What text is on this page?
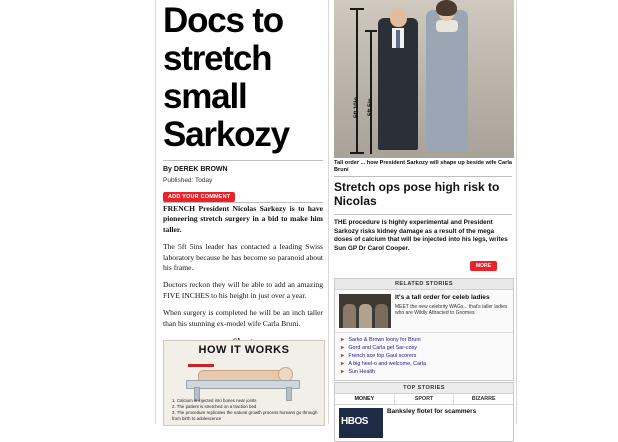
Docs to stretch small Sarkozy
By DEREK BROWN
Published: Today
ADD YOUR COMMENT

FRENCH President Nicolas Sarkozy is to have pioneering stretch surgery in a bid to make him taller.

The 5ft 5ins leader has contacted a leading Swiss laboratory because he has become so paranoid about his frame.

Doctors reckon they will be able to add an amazing FIVE INCHES to his height in just over a year.

When surgery is completed he will be an inch taller than his stunning ex-model wife Carla Bruni.

HOW IT WORKS
1. Calcium is injected into bones near joints
2. The patient is stretched on a traction bed
3. The procedure replicates the natural growth process humans go through from birth to adolescence
5ft 10in 5ft 5in
Tall order ... how President Sarkozy will shape up beside wife Carla Bruni
Stretch ops pose high risk to Nicolas
THE procedure is highly experimental and President Sarkozy risks kidney damage as a result of the mega doses of calcium that will be injected into his legs, writes Sun GP Dr Carol Cooper.
MORE
RELATED STORIES
It's a tall order for celeb ladies
MEET the new celebrity WAGs... that's taller ladies who are Wildly Attracted to Gnomes
► Sarko & Brown loony for Bruni
► Gord and Carla get Sar-cosy
► French ace top Gaul scorers
► A big heel-o and welcome, Carla
► Sun Health
TOP STORIES
MONEY	SPORT	BIZARRE
HBOS
Banksley flotet for scammers
